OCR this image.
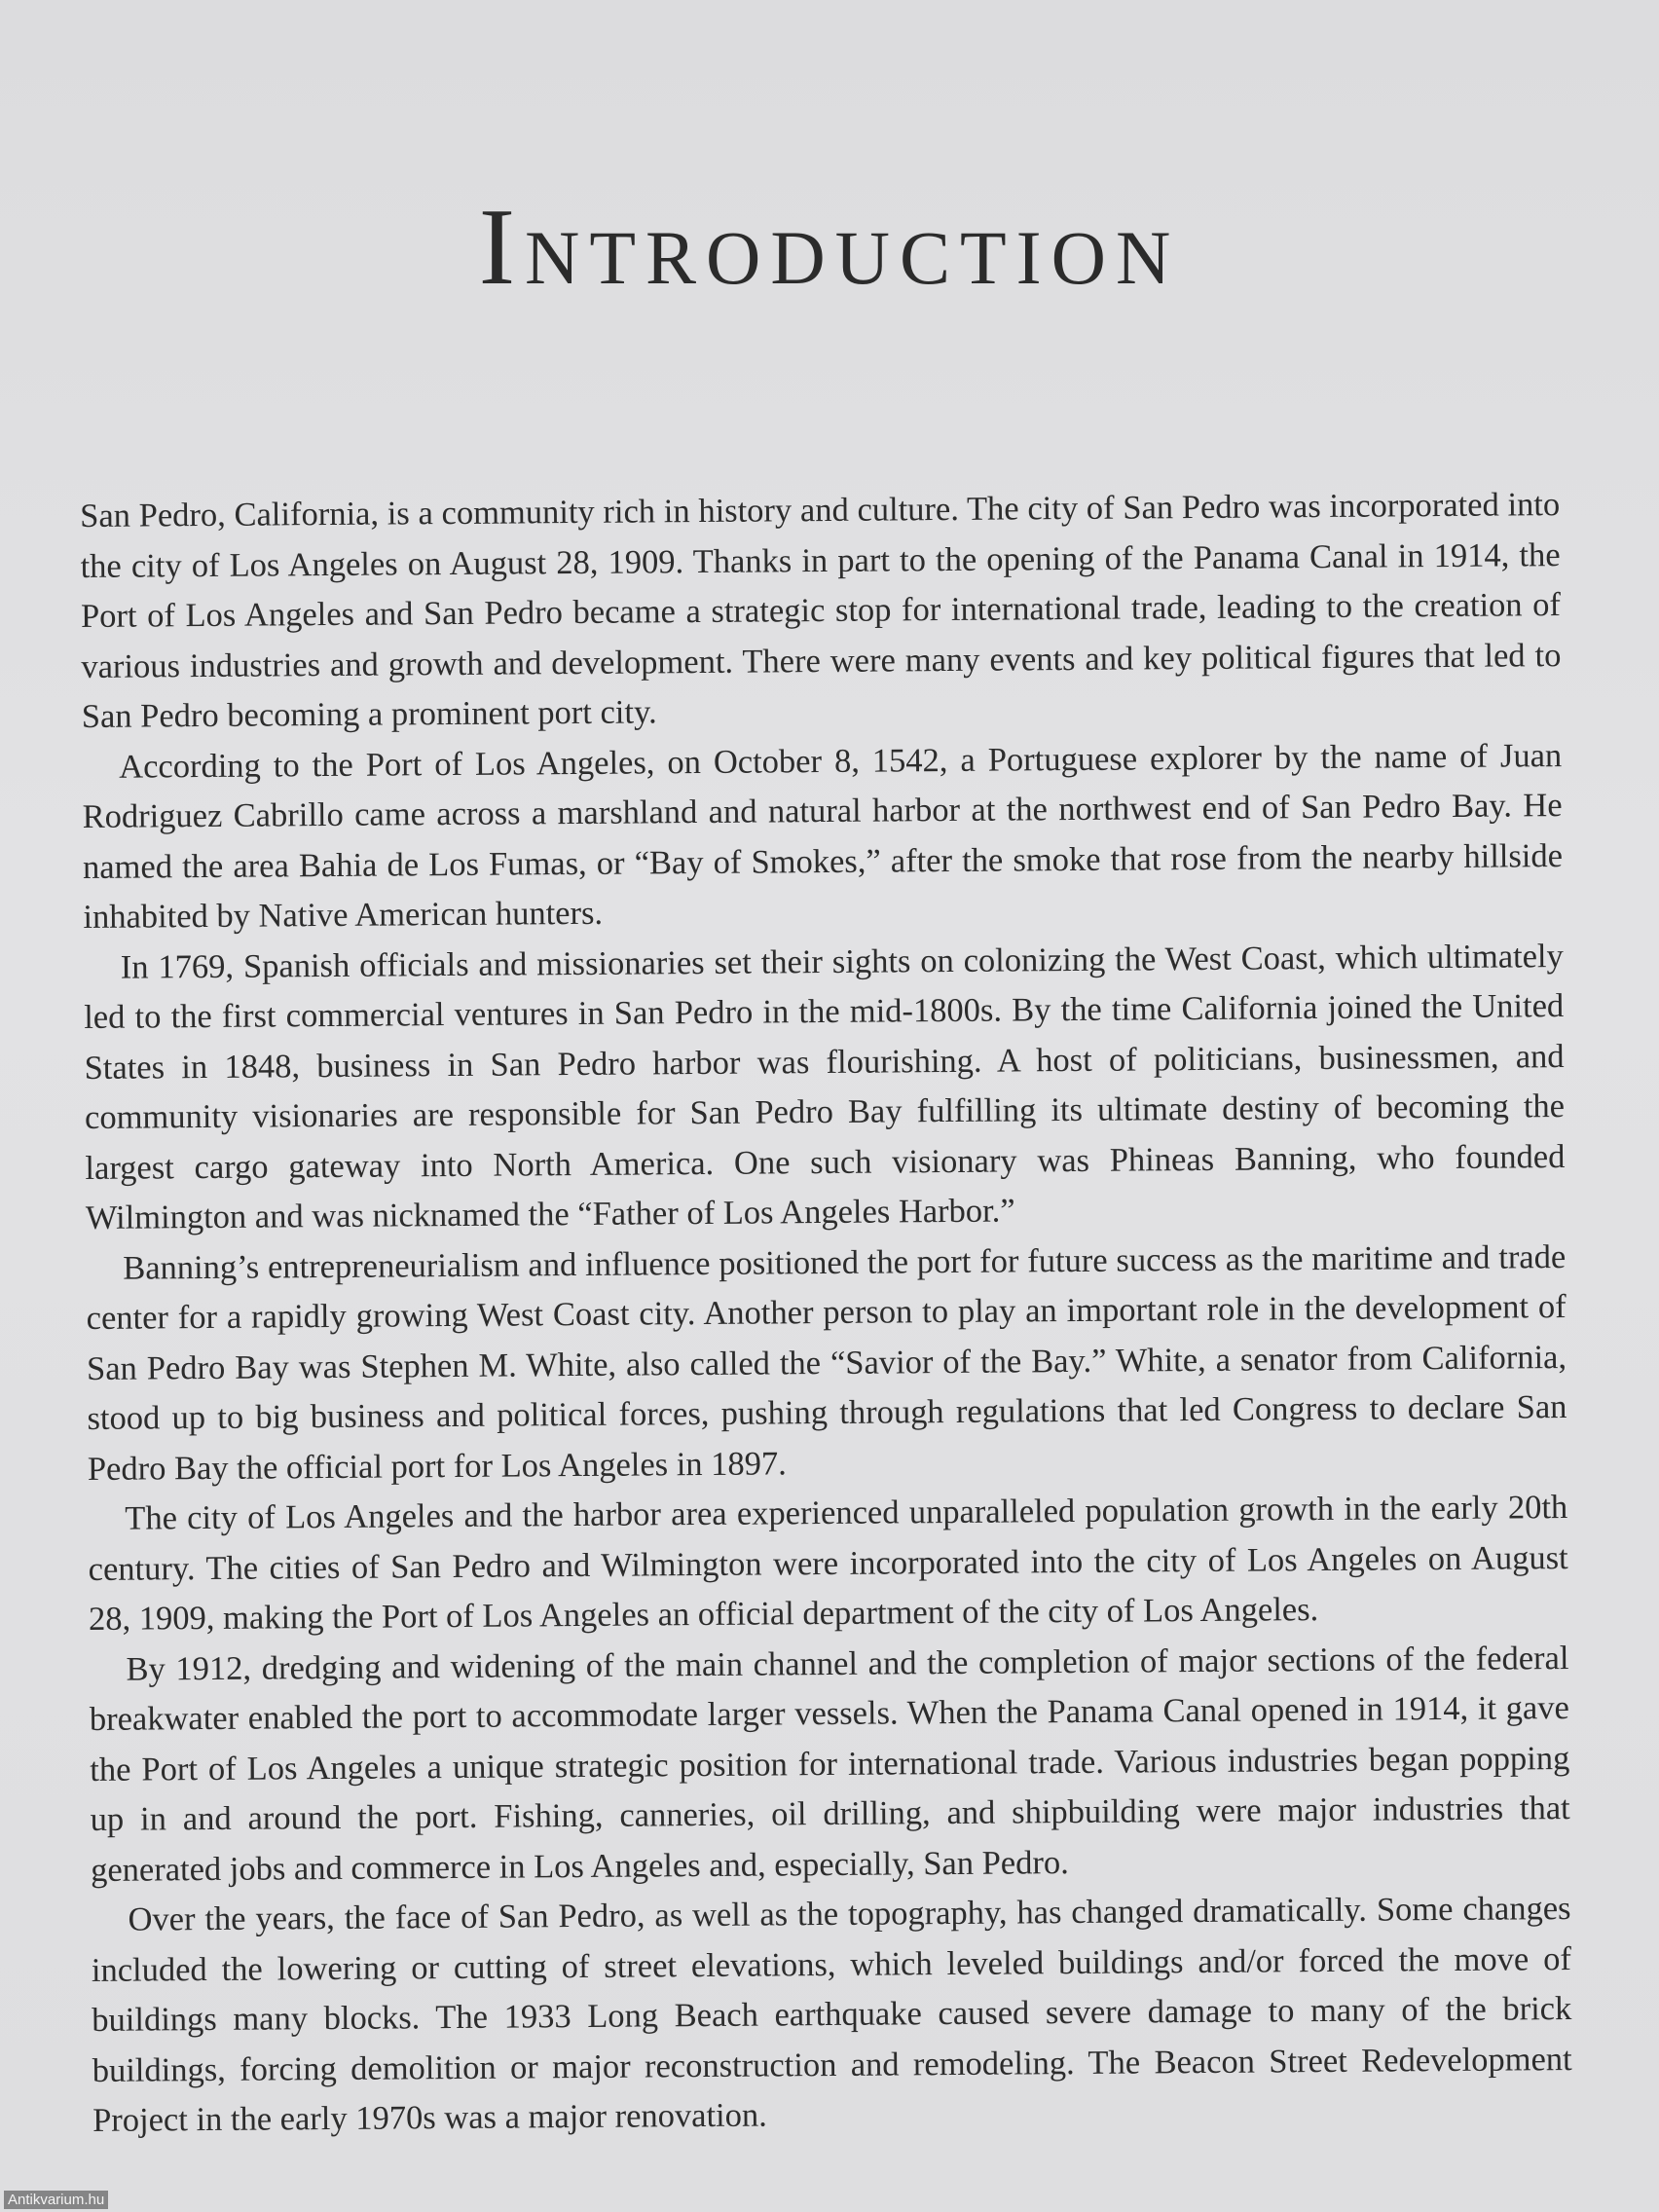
Introduction

San Pedro, California, is a community rich in history and culture. The city of San Pedro was incorporated into the city of Los Angeles on August 28, 1909. Thanks in part to the opening of the Panama Canal in 1914, the Port of Los Angeles and San Pedro became a strategic stop for international trade, leading to the creation of various industries and growth and development. There were many events and key political figures that led to San Pedro becoming a prominent port city.

According to the Port of Los Angeles, on October 8, 1542, a Portuguese explorer by the name of Juan Rodriguez Cabrillo came across a marshland and natural harbor at the northwest end of San Pedro Bay. He named the area Bahia de Los Fumas, or “Bay of Smokes,” after the smoke that rose from the nearby hillside inhabited by Native American hunters.

In 1769, Spanish officials and missionaries set their sights on colonizing the West Coast, which ultimately led to the first commercial ventures in San Pedro in the mid-1800s. By the time California joined the United States in 1848, business in San Pedro harbor was flourishing. A host of politicians, businessmen, and community visionaries are responsible for San Pedro Bay fulfilling its ultimate destiny of becoming the largest cargo gateway into North America. One such visionary was Phineas Banning, who founded Wilmington and was nicknamed the “Father of Los Angeles Harbor.”

Banning’s entrepreneurialism and influence positioned the port for future success as the maritime and trade center for a rapidly growing West Coast city. Another person to play an important role in the development of San Pedro Bay was Stephen M. White, also called the “Savior of the Bay.” White, a senator from California, stood up to big business and political forces, pushing through regulations that led Congress to declare San Pedro Bay the official port for Los Angeles in 1897.

The city of Los Angeles and the harbor area experienced unparalleled population growth in the early 20th century. The cities of San Pedro and Wilmington were incorporated into the city of Los Angeles on August 28, 1909, making the Port of Los Angeles an official department of the city of Los Angeles.

By 1912, dredging and widening of the main channel and the completion of major sections of the federal breakwater enabled the port to accommodate larger vessels. When the Panama Canal opened in 1914, it gave the Port of Los Angeles a unique strategic position for international trade. Various industries began popping up in and around the port. Fishing, canneries, oil drilling, and shipbuilding were major industries that generated jobs and commerce in Los Angeles and, especially, San Pedro.

Over the years, the face of San Pedro, as well as the topography, has changed dramatically. Some changes included the lowering or cutting of street elevations, which leveled buildings and/or forced the move of buildings many blocks. The 1933 Long Beach earthquake caused severe damage to many of the brick buildings, forcing demolition or major reconstruction and remodeling. The Beacon Street Redevelopment Project in the early 1970s was a major renovation.

Antikvarium.hu
